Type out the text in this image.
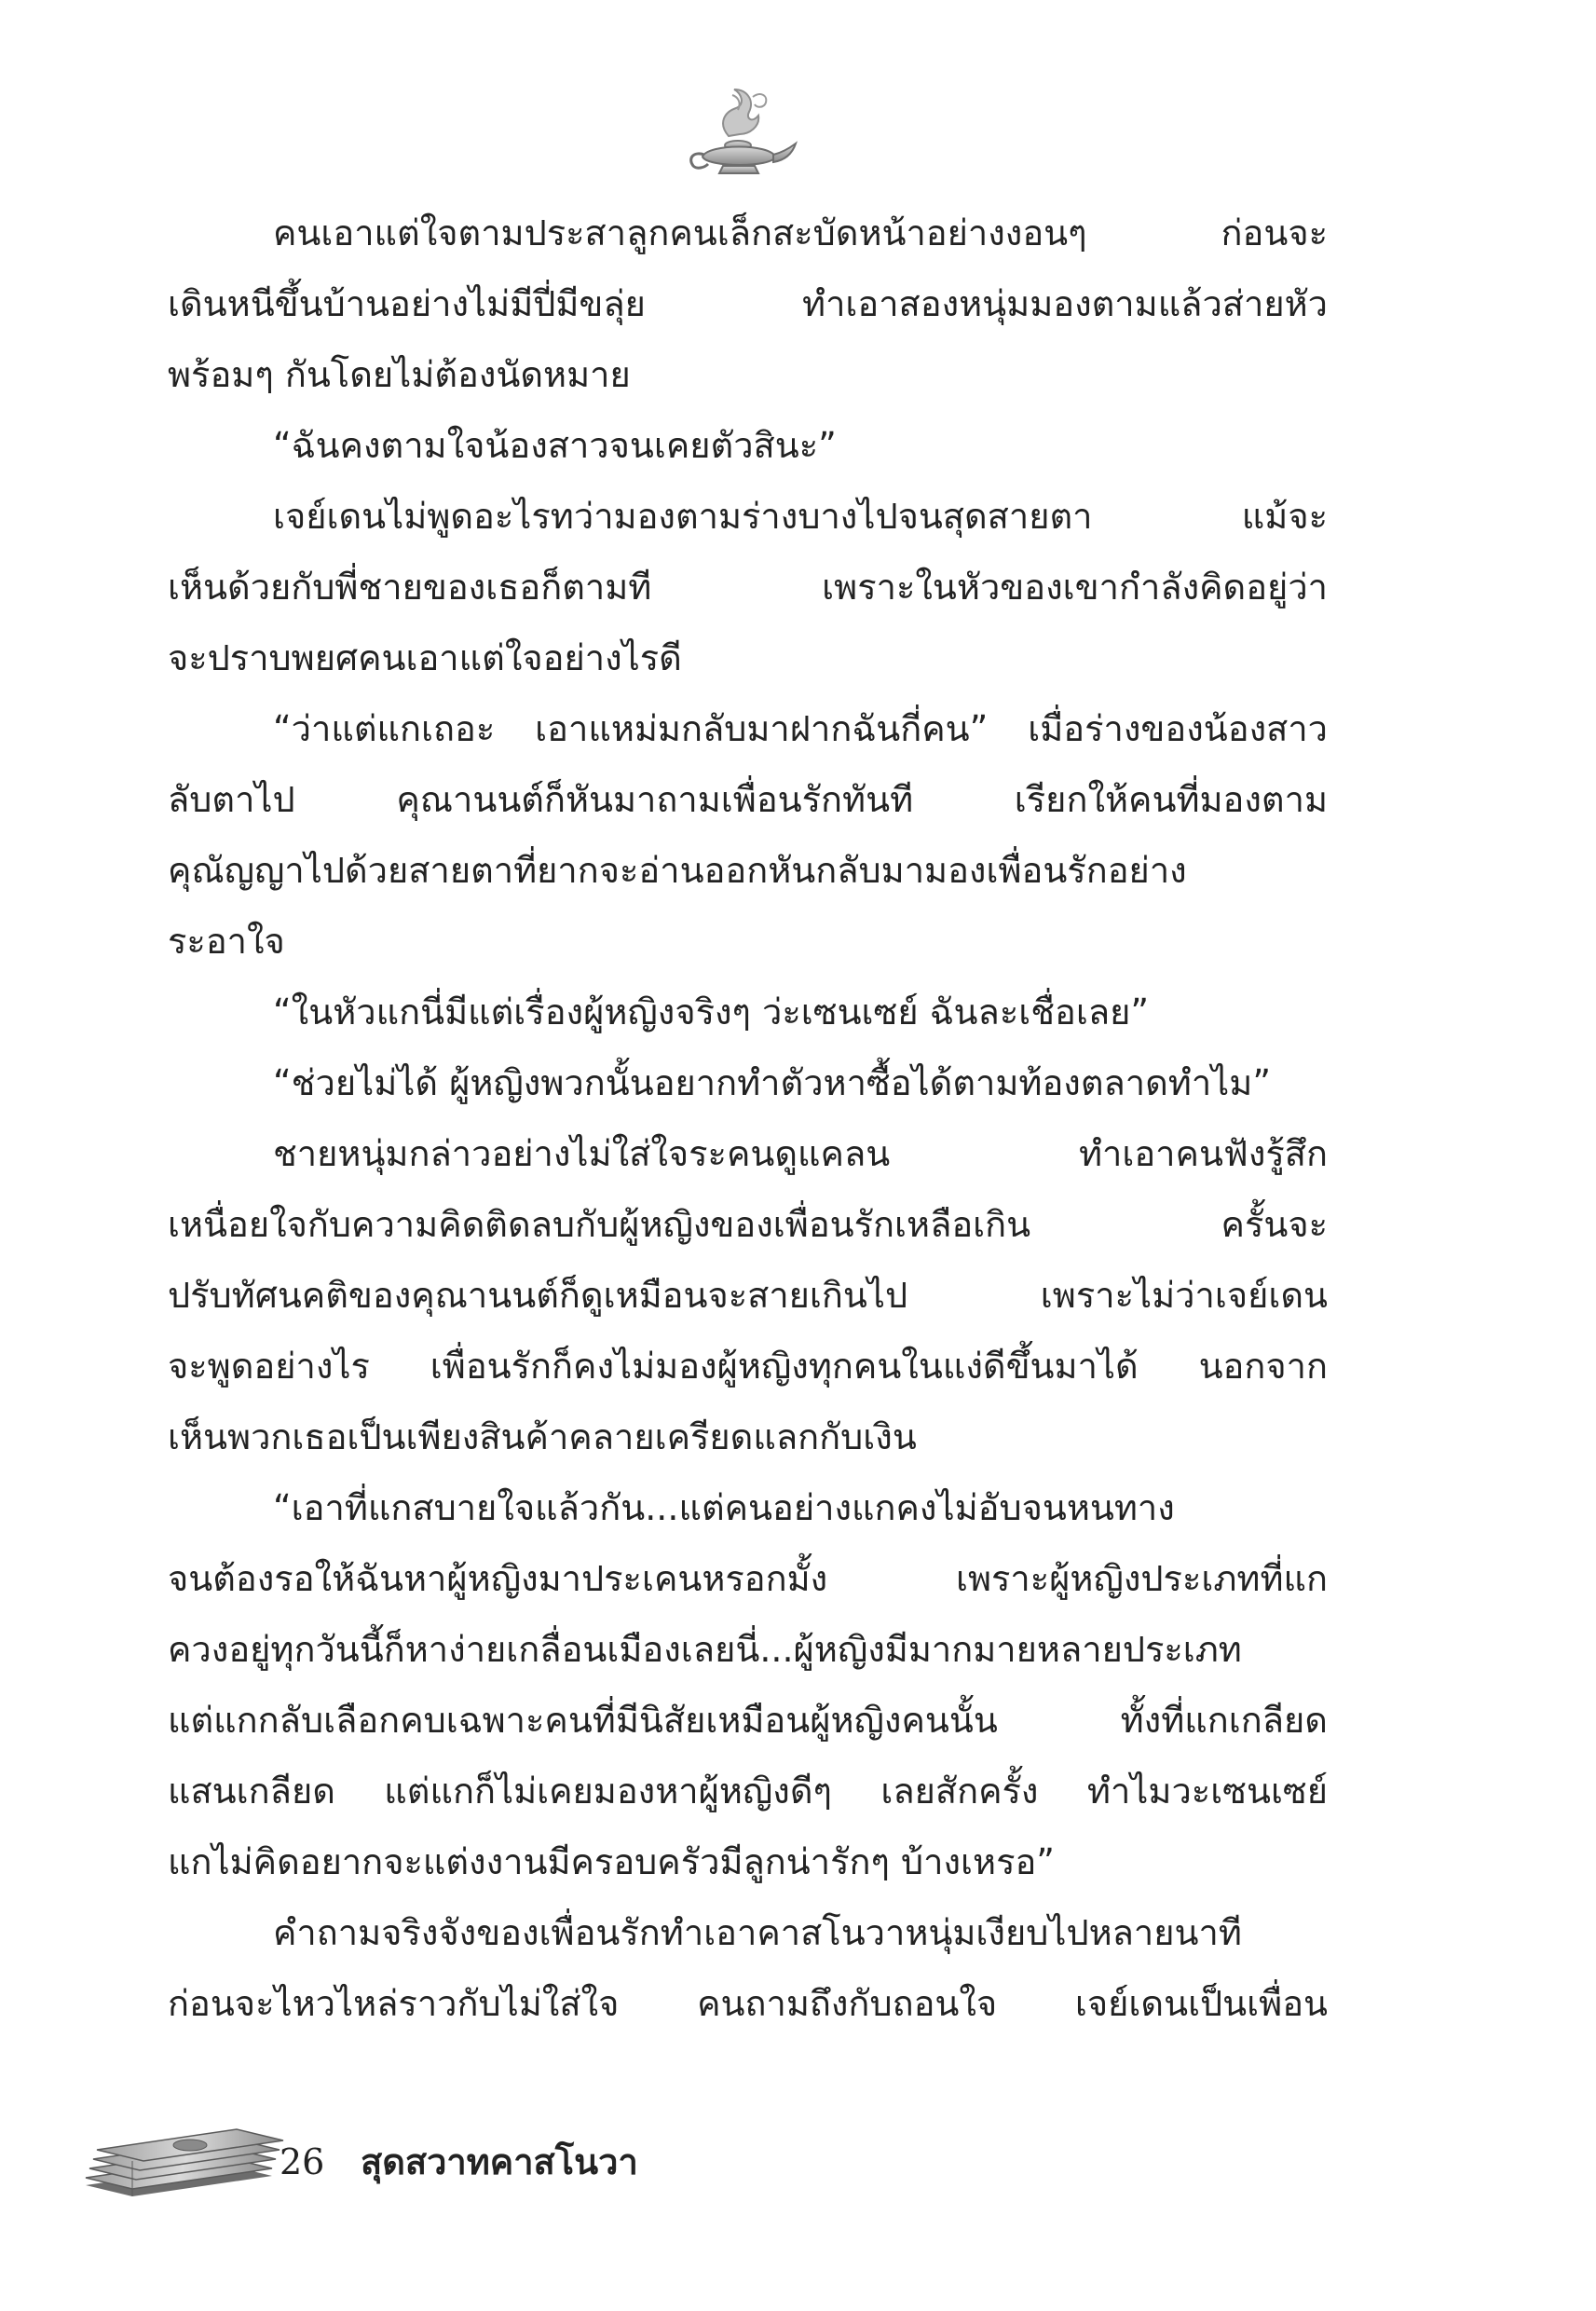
คนเอาแต่ใจตามประสาลูกคนเล็กสะบัดหน้าอย่างงอนๆ ก่อนจะ

เดินหนีขึ้นบ้านอย่างไม่มีปี่มีขลุ่ย ทำเอาสองหนุ่มมองตามแล้วส่ายหัว

พร้อมๆ กันโดยไม่ต้องนัดหมาย

“ฉันคงตามใจน้องสาวจนเคยตัวสินะ”

เจย์เดนไม่พูดอะไรทว่ามองตามร่างบางไปจนสุดสายตา แม้จะ

เห็นด้วยกับพี่ชายของเธอก็ตามที เพราะในหัวของเขากำลังคิดอยู่ว่า

จะปราบพยศคนเอาแต่ใจอย่างไรดี

“ว่าแต่แกเถอะ เอาแหม่มกลับมาฝากฉันกี่คน” เมื่อร่างของน้องสาว

ลับตาไป คุณานนต์ก็หันมาถามเพื่อนรักทันที เรียกให้คนที่มองตาม

คุณัญญาไปด้วยสายตาที่ยากจะอ่านออกหันกลับมามองเพื่อนรักอย่าง

ระอาใจ

“ในหัวแกนี่มีแต่เรื่องผู้หญิงจริงๆ ว่ะเซนเซย์ ฉันละเชื่อเลย”

“ช่วยไม่ได้ ผู้หญิงพวกนั้นอยากทำตัวหาซื้อได้ตามท้องตลาดทำไม”

ชายหนุ่มกล่าวอย่างไม่ใส่ใจระคนดูแคลน ทำเอาคนฟังรู้สึก

เหนื่อยใจกับความคิดติดลบกับผู้หญิงของเพื่อนรักเหลือเกิน ครั้นจะ

ปรับทัศนคติของคุณานนต์ก็ดูเหมือนจะสายเกินไป เพราะไม่ว่าเจย์เดน

จะพูดอย่างไร เพื่อนรักก็คงไม่มองผู้หญิงทุกคนในแง่ดีขึ้นมาได้ นอกจาก

เห็นพวกเธอเป็นเพียงสินค้าคลายเครียดแลกกับเงิน

“เอาที่แกสบายใจแล้วกัน...แต่คนอย่างแกคงไม่อับจนหนทาง

จนต้องรอให้ฉันหาผู้หญิงมาประเคนหรอกมั้ง เพราะผู้หญิงประเภทที่แก

ควงอยู่ทุกวันนี้ก็หาง่ายเกลื่อนเมืองเลยนี่...ผู้หญิงมีมากมายหลายประเภท

แต่แกกลับเลือกคบเฉพาะคนที่มีนิสัยเหมือนผู้หญิงคนนั้น ทั้งที่แกเกลียด

แสนเกลียด แต่แกก็ไม่เคยมองหาผู้หญิงดีๆ เลยสักครั้ง ทำไมวะเซนเซย์

แกไม่คิดอยากจะแต่งงานมีครอบครัวมีลูกน่ารักๆ บ้างเหรอ”

คำถามจริงจังของเพื่อนรักทำเอาคาสโนวาหนุ่มเงียบไปหลายนาที

ก่อนจะไหวไหล่ราวกับไม่ใส่ใจ คนถามถึงกับถอนใจ เจย์เดนเป็นเพื่อน

26 สุดสวาทคาสโนวา
